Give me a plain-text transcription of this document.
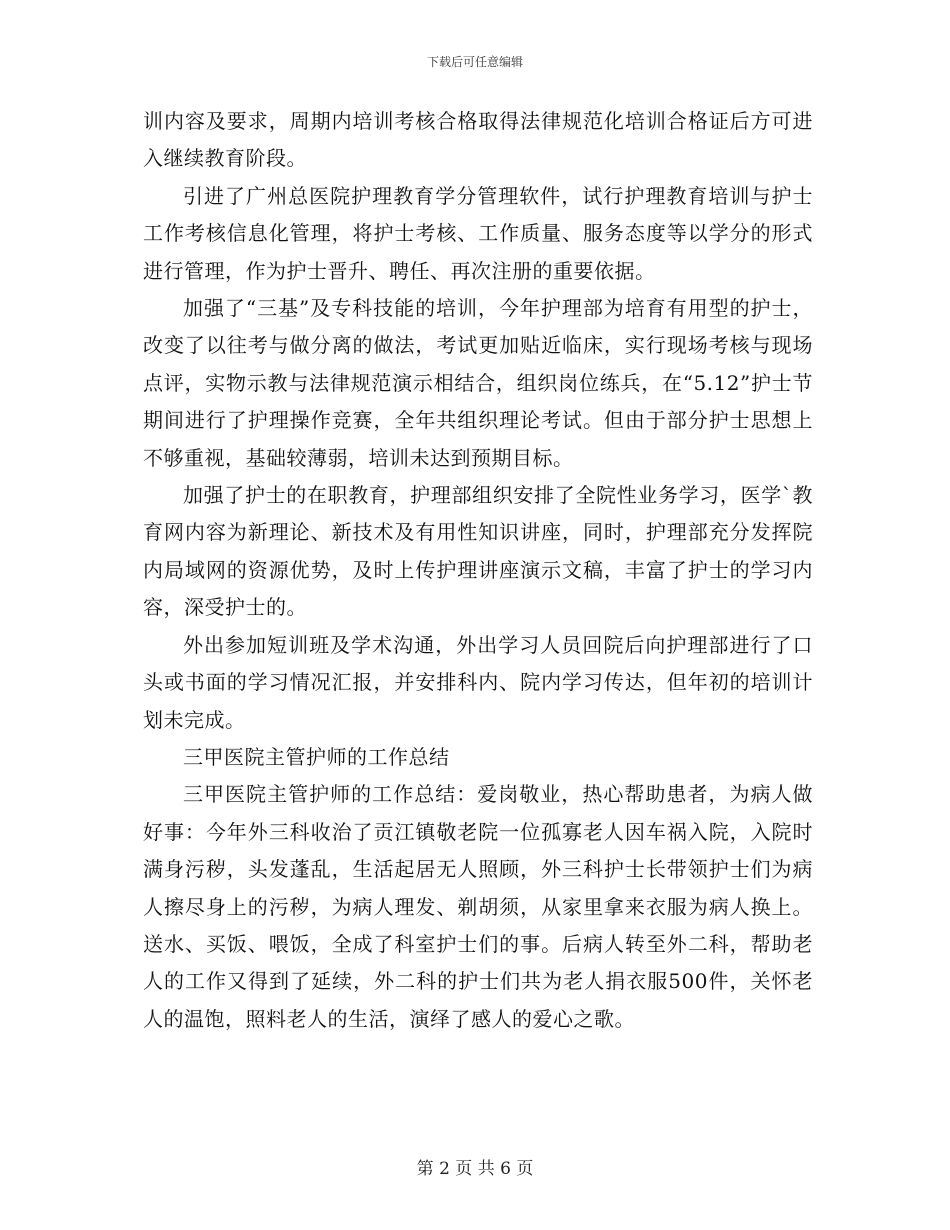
下载后可任意编辑

训内容及要求，周期内培训考核合格取得法律规范化培训合格证后方可进入继续教育阶段。

引进了广州总医院护理教育学分管理软件，试行护理教育培训与护士工作考核信息化管理，将护士考核、工作质量、服务态度等以学分的形式进行管理，作为护士晋升、聘任、再次注册的重要依据。

加强了“三基”及专科技能的培训，今年护理部为培育有用型的护士，改变了以往考与做分离的做法，考试更加贴近临床，实行现场考核与现场点评，实物示教与法律规范演示相结合，组织岗位练兵，在“5.12”护士节期间进行了护理操作竞赛，全年共组织理论考试。但由于部分护士思想上不够重视，基础较薄弱，培训未达到预期目标。

加强了护士的在职教育，护理部组织安排了全院性业务学习，医学`教育网内容为新理论、新技术及有用性知识讲座，同时，护理部充分发挥院内局域网的资源优势，及时上传护理讲座演示文稿，丰富了护士的学习内容，深受护士的。

外出参加短训班及学术沟通，外出学习人员回院后向护理部进行了口头或书面的学习情况汇报，并安排科内、院内学习传达，但年初的培训计划未完成。

三甲医院主管护师的工作总结

三甲医院主管护师的工作总结：爱岗敬业，热心帮助患者，为病人做好事：今年外三科收治了贡江镇敬老院一位孤寡老人因车祸入院，入院时满身污秽，头发蓬乱，生活起居无人照顾，外三科护士长带领护士们为病人擦尽身上的污秽，为病人理发、剃胡须，从家里拿来衣服为病人换上。送水、买饭、喂饭，全成了科室护士们的事。后病人转至外二科，帮助老人的工作又得到了延续，外二科的护士们共为老人捐衣服500件，关怀老人的温饱，照料老人的生活，演绎了感人的爱心之歌。

第 2 页 共 6 页
